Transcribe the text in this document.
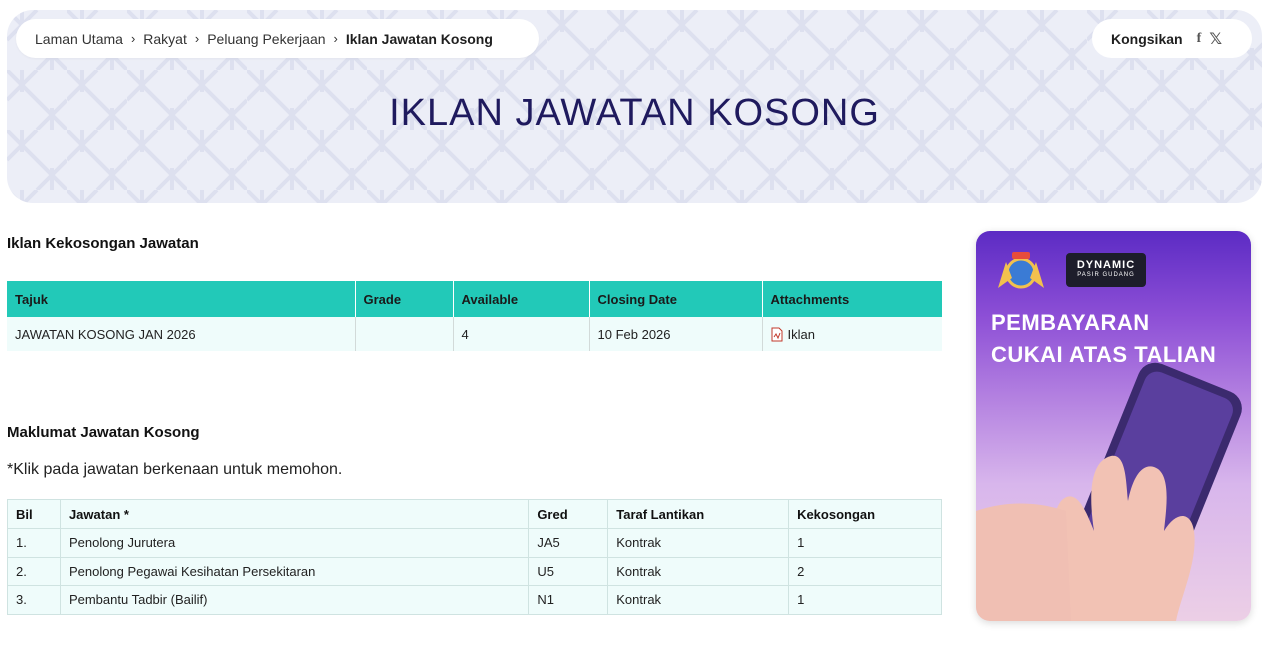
Laman Utama › Rakyat › Peluang Pekerjaan › Iklan Jawatan Kosong	Kongsikan f 𝕏
IKLAN JAWATAN KOSONG
Iklan Kekosongan Jawatan
Tajuk	Grade	Available	Closing Date	Attachments
JAWATAN KOSONG JAN 2026		4	10 Feb 2026	Iklan
Maklumat Jawatan Kosong

*Klik pada jawatan berkenaan untuk memohon.

Bil	Jawatan *	Gred	Taraf Lantikan	Kekosongan
1.	Penolong Jurutera	JA5	Kontrak	1
2.	Penolong Pegawai Kesihatan Persekitaran	U5	Kontrak	2
3.	Pembantu Tadbir (Bailif)	N1	Kontrak	1
DYNAMIC
PASIR GUDANG
PEMBAYARAN
CUKAI ATAS TALIAN
